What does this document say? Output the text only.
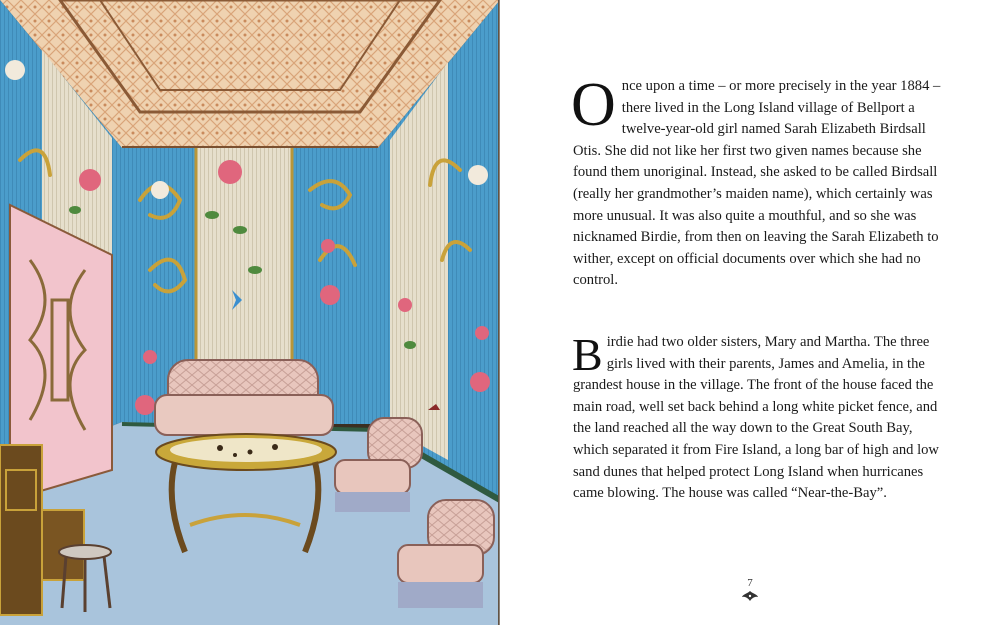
Once upon a time – or more precisely in the year 1884 – there lived in the Long Island village of Bellport a twelve-year-old girl named Sarah Elizabeth Birdsall Otis. She did not like her first two given names because she found them unoriginal. Instead, she asked to be called Birdsall (really her grandmother’s maiden name), which certainly was more unusual. It was also quite a mouthful, and so she was nicknamed Birdie, from then on leaving the Sarah Elizabeth to wither, except on official documents over which she had no control.

Birdie had two older sisters, Mary and Martha. The three girls lived with their parents, James and Amelia, in the grandest house in the village. The front of the house faced the main road, well set back behind a long white picket fence, and the land reached all the way down to the Great South Bay, which separated it from Fire Island, a long bar of high and low sand dunes that helped protect Long Island when hurricanes came blowing. The house was called “Near-the-Bay”.

7
